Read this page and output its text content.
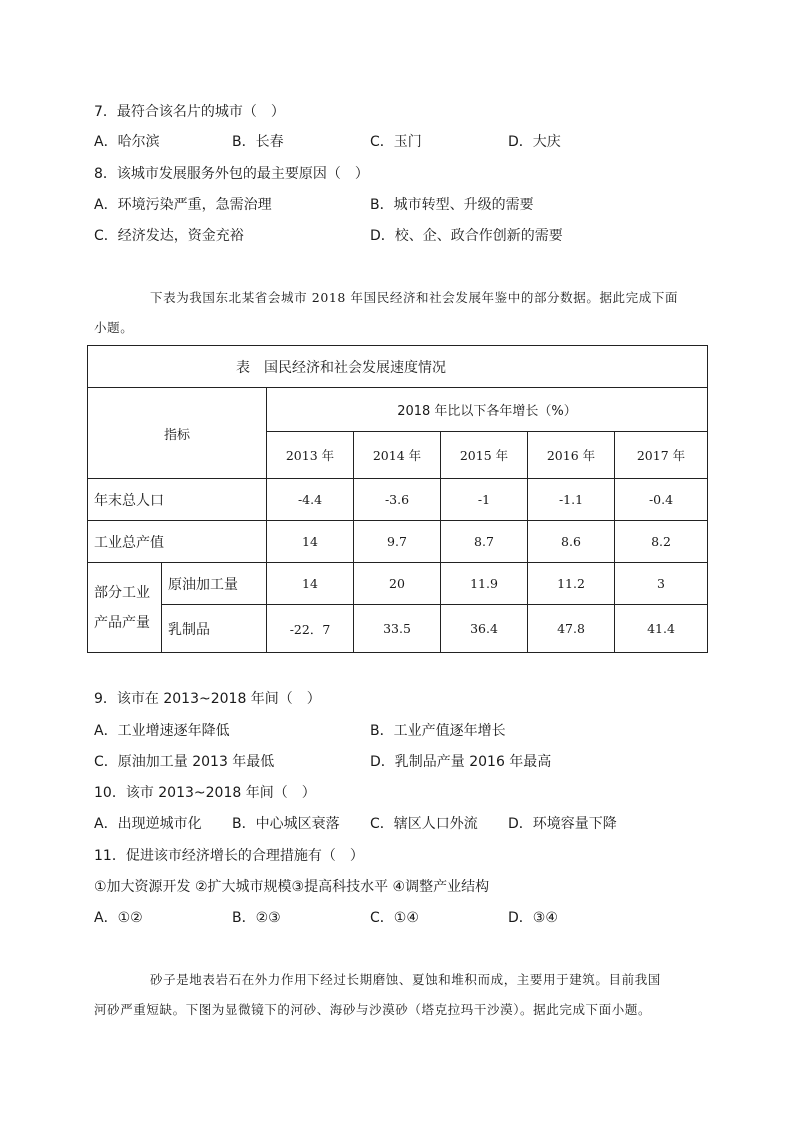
7．最符合该名片的城市（　）
A．哈尔滨	B．长春	C．玉门	D．大庆
8．该城市发展服务外包的最主要原因（　）
A．环境污染严重，急需治理	B．城市转型、升级的需要
C．经济发达，资金充裕	D．校、企、政合作创新的需要

下表为我国东北某省会城市 2018 年国民经济和社会发展年鉴中的部分数据。据此完成下面

小题。

表　国民经济和社会发展速度情况						
指标		2018 年比以下各年增长（%）				
		2013 年	2014 年	2015 年	2016 年	2017 年
年末总人口		-4.4	-3.6	-1	-1.1	-0.4
工业总产值		14	9.7	8.7	8.6	8.2

部分工业
产品产量	原油加工量	14	20	11.9	11.2	3
	乳制品	-22．7	33.5	36.4	47.8	41.4
9．该市在 2013~2018 年间（　）
A．工业增速逐年降低	B．工业产值逐年增长
C．原油加工量 2013 年最低	D．乳制品产量 2016 年最高
10．该市 2013~2018 年间（　）
A．出现逆城市化 B．中心城区衰落 C．辖区人口外流 D．环境容量下降
11．促进该市经济增长的合理措施有（　）
①加大资源开发 ②扩大城市规模③提高科技水平 ④调整产业结构
A．①②	B．②③	C．①④	D．③④

砂子是地表岩石在外力作用下经过长期磨蚀、夏蚀和堆积而成，主要用于建筑。目前我国

河砂严重短缺。下图为显微镜下的河砂、海砂与沙漠砂（塔克拉玛干沙漠）。据此完成下面小题。
